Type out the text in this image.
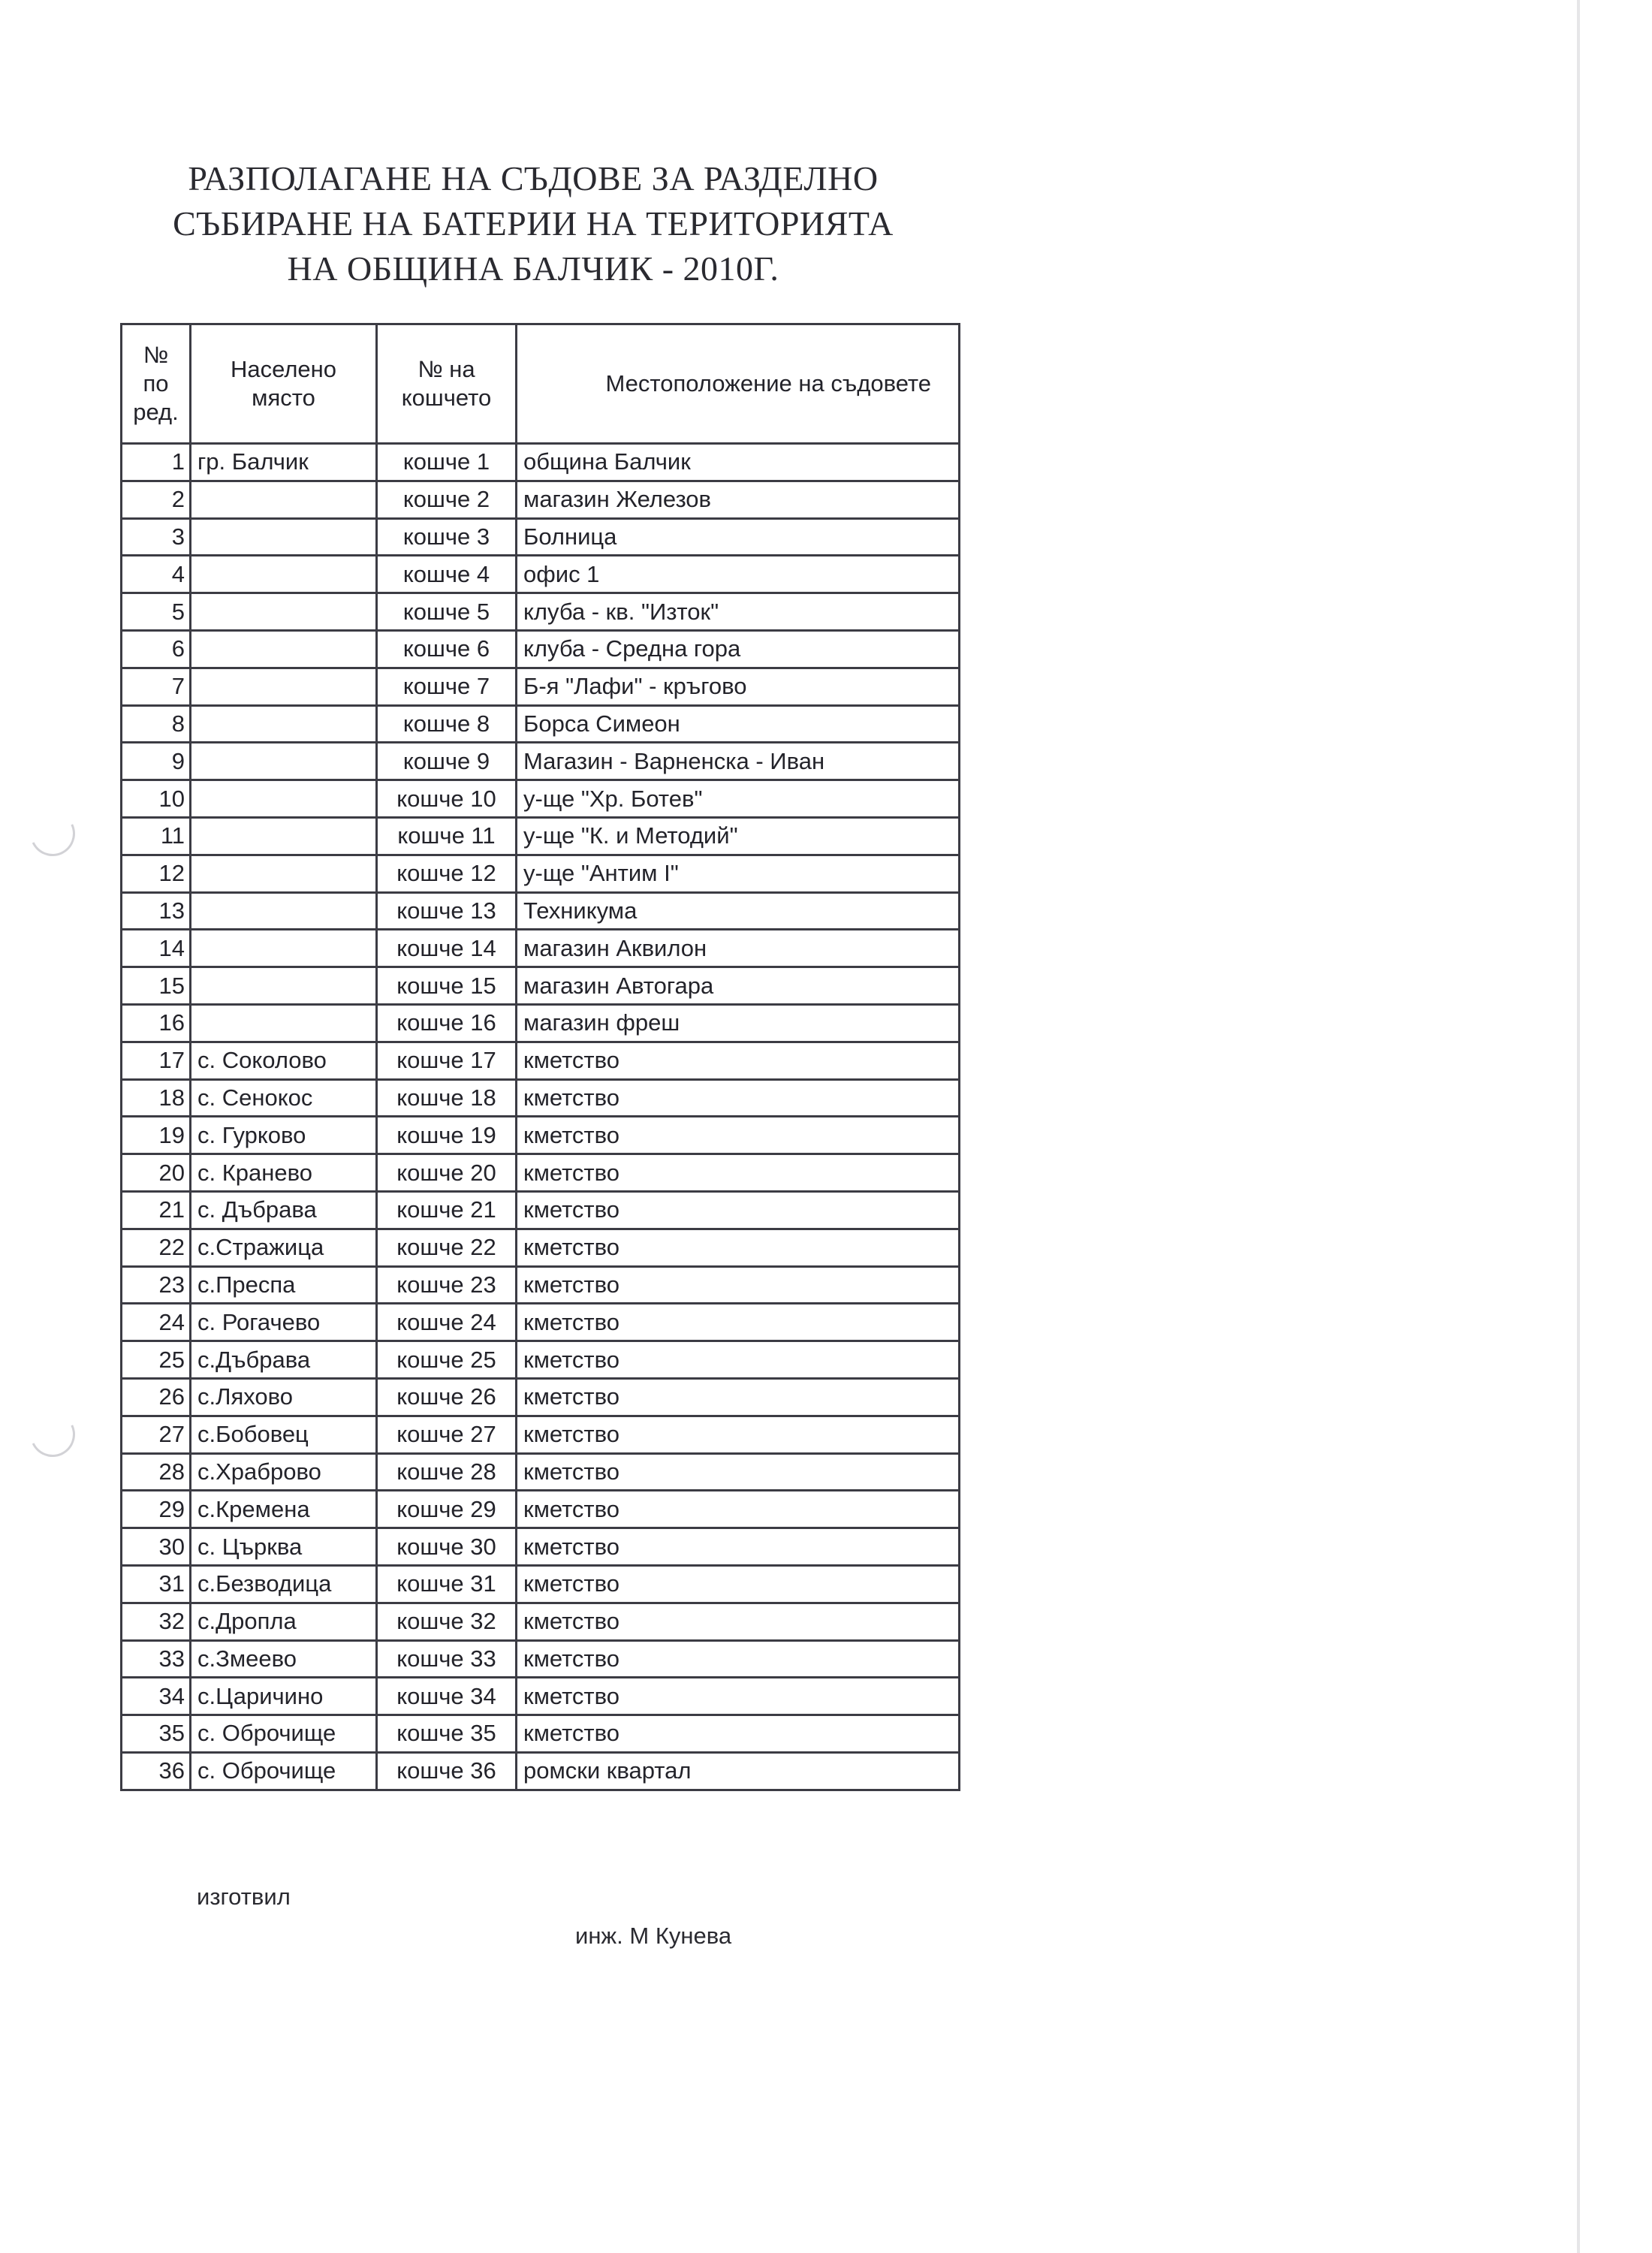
РАЗПОЛАГАНЕ НА СЪДОВЕ ЗА РАЗДЕЛНО
СЪБИРАНЕ НА БАТЕРИИ НА ТЕРИТОРИЯТА
НА ОБЩИНА БАЛЧИК - 2010Г.
№ по ред.	Населено място	№ на кошчето	Местоположение на съдовете
1	гр. Балчик	кошче 1	община Балчик
2		кошче 2	магазин Железов
3		кошче 3	Болница
4		кошче 4	офис 1
5		кошче 5	клуба - кв. "Изток"
6		кошче 6	клуба - Средна гора
7		кошче 7	Б-я "Лафи" - кръгово
8		кошче 8	Борса Симеон
9		кошче 9	Магазин - Варненска - Иван
10		кошче 10	у-ще "Хр. Ботев"
11		кошче 11	у-ще "К. и Методий"
12		кошче 12	у-ще "Антим I"
13		кошче 13	Техникума
14		кошче 14	магазин Аквилон
15		кошче 15	магазин Автогара
16		кошче 16	магазин фреш
17	с. Соколово	кошче 17	кметство
18	с. Сенокос	кошче 18	кметство
19	с. Гурково	кошче 19	кметство
20	с. Кранево	кошче 20	кметство
21	с. Дъбрава	кошче 21	кметство
22	с.Стражица	кошче 22	кметство
23	с.Преспа	кошче 23	кметство
24	с. Рогачево	кошче 24	кметство
25	с.Дъбрава	кошче 25	кметство
26	с.Ляхово	кошче 26	кметство
27	с.Бобовец	кошче 27	кметство
28	с.Храброво	кошче 28	кметство
29	с.Кремена	кошче 29	кметство
30	с. Църква	кошче 30	кметство
31	с.Безводица	кошче 31	кметство
32	с.Дропла	кошче 32	кметство
33	с.Змеево	кошче 33	кметство
34	с.Царичино	кошче 34	кметство
35	с. Оброчище	кошче 35	кметство
36	с. Оброчище	кошче 36	ромски квартал
изготвил
инж. М Кунева
